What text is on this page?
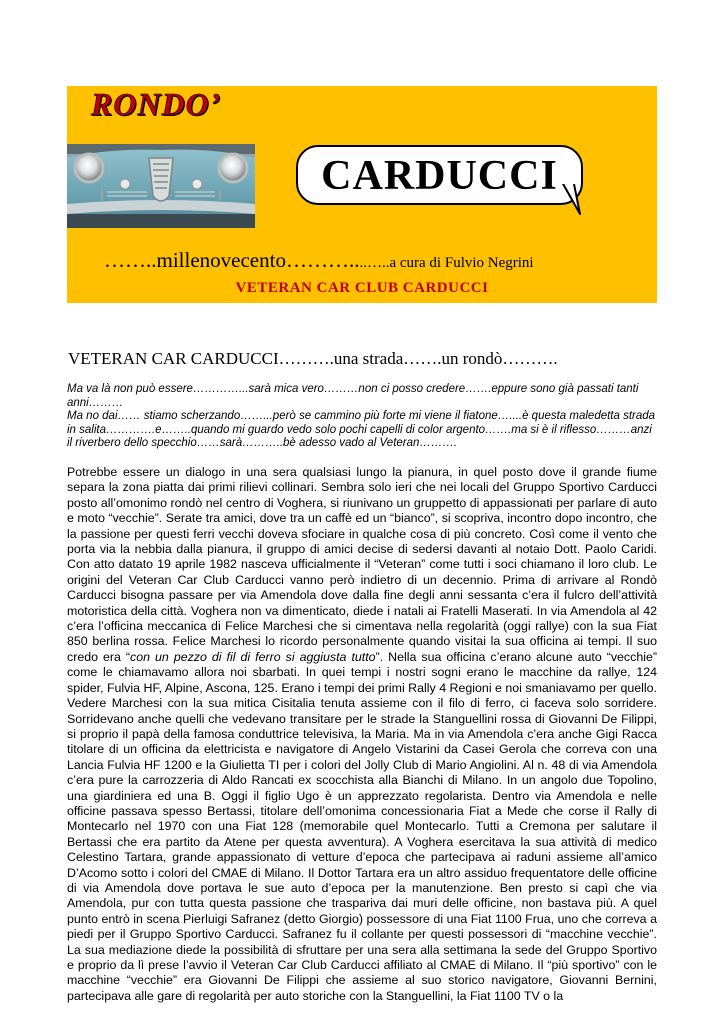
RONDO’
CARDUCCI
……..millenovecento………....…..a cura di Fulvio Negrini
VETERAN CAR CLUB CARDUCCI
VETERAN CAR CARDUCCI……….una strada…….un rondò……….

Ma va là non può essere…………...sarà mica vero………non ci posso credere…….eppure sono già passati tanti anni………

Ma no dai…… stiamo scherzando……...però se cammino più forte mi viene il fiatone…....è questa maledetta strada in salita………….e……..quando mi guardo vedo solo pochi capelli di color argento…….ma si è il riflesso………anzi il riverbero dello specchio……sarà………..bè adesso vado al Veteran……….

Potrebbe essere un dialogo in una sera qualsiasi lungo la pianura, in quel posto dove il grande fiume separa la zona piatta dai primi rilievi collinari. Sembra solo ieri che nei locali del Gruppo Sportivo Carducci posto all’omonimo rondò nel centro di Voghera, si riunivano un gruppetto di appassionati per parlare di auto e moto “vecchie”. Serate tra amici, dove tra un caffè ed un “bianco”, si scopriva, incontro dopo incontro, che la passione per questi ferri vecchi doveva sfociare in qualche cosa di più concreto. Così come il vento che porta via la nebbia dalla pianura, il gruppo di amici decise di sedersi davanti al notaio Dott. Paolo Caridi. Con atto datato 19 aprile 1982 nasceva ufficialmente il “Veteran” come tutti i soci chiamano il loro club. Le origini del Veteran Car Club Carducci vanno però indietro di un decennio. Prima di arrivare al Rondò Carducci bisogna passare per via Amendola dove dalla fine degli anni sessanta c’era il fulcro dell’attività motoristica della città. Voghera non va dimenticato, diede i natali ai Fratelli Maserati. In via Amendola al 42 c’era l’officina meccanica di Felice Marchesi che si cimentava nella regolarità (oggi rallye) con la sua Fiat 850 berlina rossa. Felice Marchesi lo ricordo personalmente quando visitai la sua officina ai tempi. Il suo credo era “con un pezzo di fil di ferro si aggiusta tutto”. Nella sua officina c’erano alcune auto “vecchie” come le chiamavamo allora noi sbarbati. In quei tempi i nostri sogni erano le macchine da rallye, 124 spider, Fulvia HF, Alpine, Ascona, 125. Erano i tempi dei primi Rally 4 Regioni e noi smaniavamo per quello. Vedere Marchesi con la sua mitica Cisitalia tenuta assieme con il filo di ferro, ci faceva solo sorridere. Sorridevano anche quelli che vedevano transitare per le strade la Stanguellini rossa di Giovanni De Filippi, si proprio il papà della famosa conduttrice televisiva, la Maria. Ma in via Amendola c’era anche Gigi Racca titolare di un officina da elettricista e navigatore di Angelo Vistarini da Casei Gerola che correva con una Lancia Fulvia HF 1200 e la Giulietta TI per i colori del Jolly Club di Mario Angiolini. Al n. 48 di via Amendola c’era pure la carrozzeria di Aldo Rancati ex scocchista alla Bianchi di Milano. In un angolo due Topolino, una giardiniera ed una B. Oggi il figlio Ugo è un apprezzato regolarista. Dentro via Amendola e nelle officine passava spesso Bertassi, titolare dell’omonima concessionaria Fiat a Mede che corse il Rally di Montecarlo nel 1970 con una Fiat 128 (memorabile quel Montecarlo. Tutti a Cremona per salutare il Bertassi che era partito da Atene per questa avventura). A Voghera esercitava la sua attività di medico Celestino Tartara, grande appassionato di vetture d’epoca che partecipava ai raduni assieme all’amico D’Acomo sotto i colori del CMAE di Milano. Il Dottor Tartara era un altro assiduo frequentatore delle officine di via Amendola dove portava le sue auto d’epoca per la manutenzione. Ben presto si capì che via Amendola, pur con tutta questa passione che traspariva dai muri delle officine, non bastava più. A quel punto entrò in scena Pierluigi Safranez (detto Giorgio) possessore di una Fiat 1100 Frua, uno che correva a piedi per il Gruppo Sportivo Carducci. Safranez fu il collante per questi possessori di “macchine vecchie”. La sua mediazione diede la possibilità di sfruttare per una sera alla settimana la sede del Gruppo Sportivo e proprio da lì prese l’avvio il Veteran Car Club Carducci affiliato al CMAE di Milano. Il “più sportivo” con le macchine “vecchie” era Giovanni De Filippi che assieme al suo storico navigatore, Giovanni Bernini, partecipava alle gare di regolarità per auto storiche con la Stanguellini, la Fiat 1100 TV o la
